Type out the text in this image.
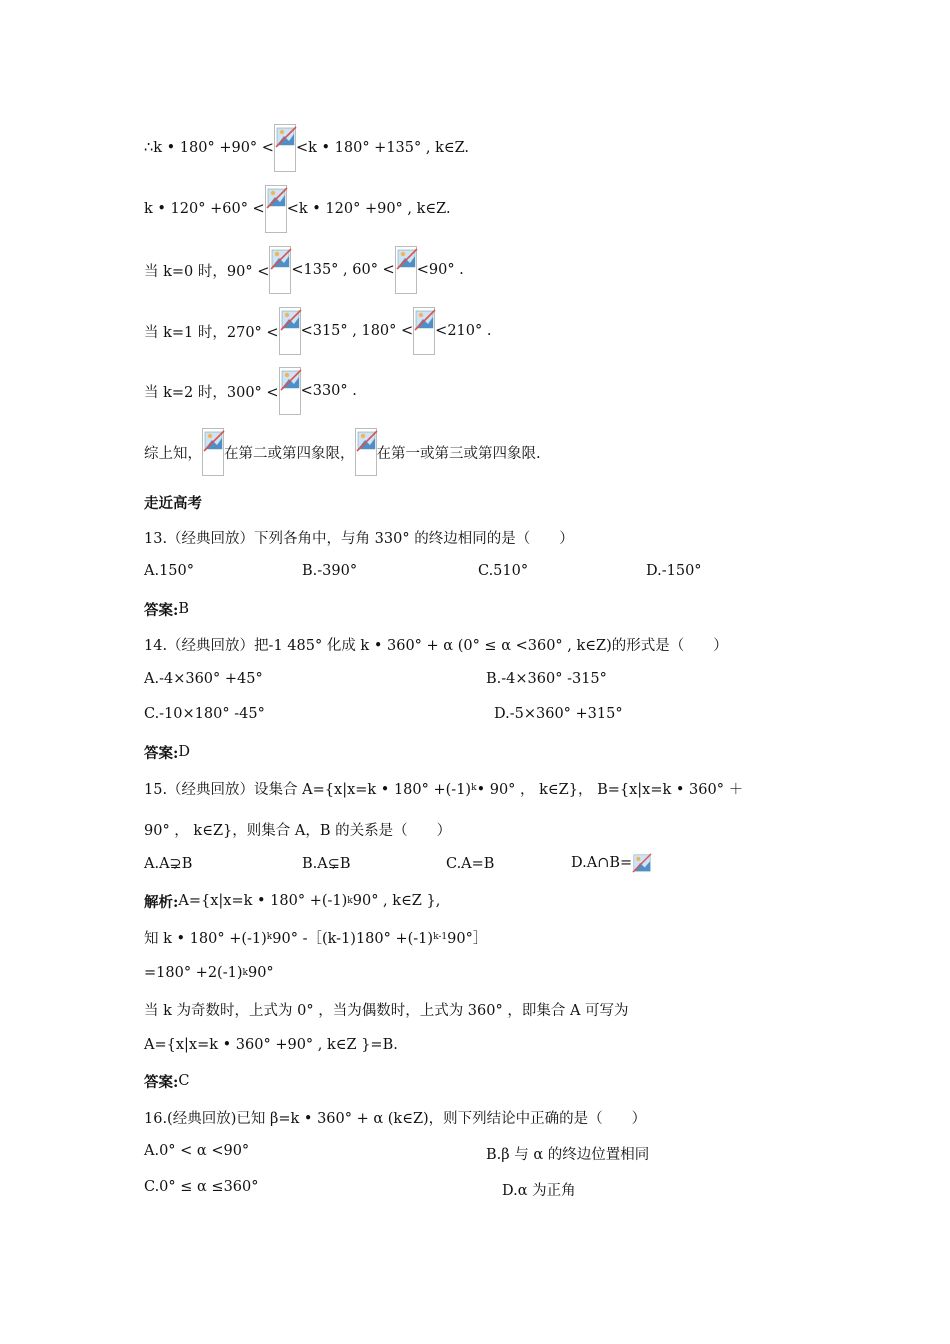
∴k • 180° +90° < <k • 180° +135° , k∈Z.
k • 120° +60° < <k • 120° +90° , k∈Z.
当 k=0 时，90° < <135° , 60° < <90° .
当 k=1 时，270° < <315° , 180° < <210° .
当 k=2 时，300° < <330° .
综上知， 在第二或第四象限， 在第一或第三或第四象限.
走近高考
13.（经典回放）下列各角中，与角 330° 的终边相同的是（　　）
A.150°	B.-390°	C.510°	D.-150°
答案: B
14.（经典回放）把-1 485° 化成 k • 360° + α (0° ≤ α <360° , k∈Z)的形式是（　　）
A.-4×360° +45°	B.-4×360° -315°
C.-10×180° -45°	D.-5×360° +315°
答案: D
15.（经典回放）设集合 A={x|x=k • 180° +(-1) k • 90° ， k∈Z}， B={x|x=k • 360° ＋
90° ， k∈Z}，则集合 A，B 的关系是（　　）
A.A⊋B	B.A⊊B	C.A=B	D.A∩B=
解析: A={x|x=k • 180° +(-1) k 90° , k∈Z },
知 k • 180° +(-1) k 90° -［(k-1)180° +(-1) k-1 90°］
=180° +2(-1) k 90°
当 k 为奇数时，上式为 0° ，当为偶数时，上式为 360° ，即集合 A 可写为
A={x|x=k • 360° +90° , k∈Z }=B.
答案: C
16.(经典回放)已知 β=k • 360° + α (k∈Z)，则下列结论中正确的是（　　）
A.0° < α <90°	B.β 与 α 的终边位置相同
C.0° ≤ α ≤360°	D.α 为正角
